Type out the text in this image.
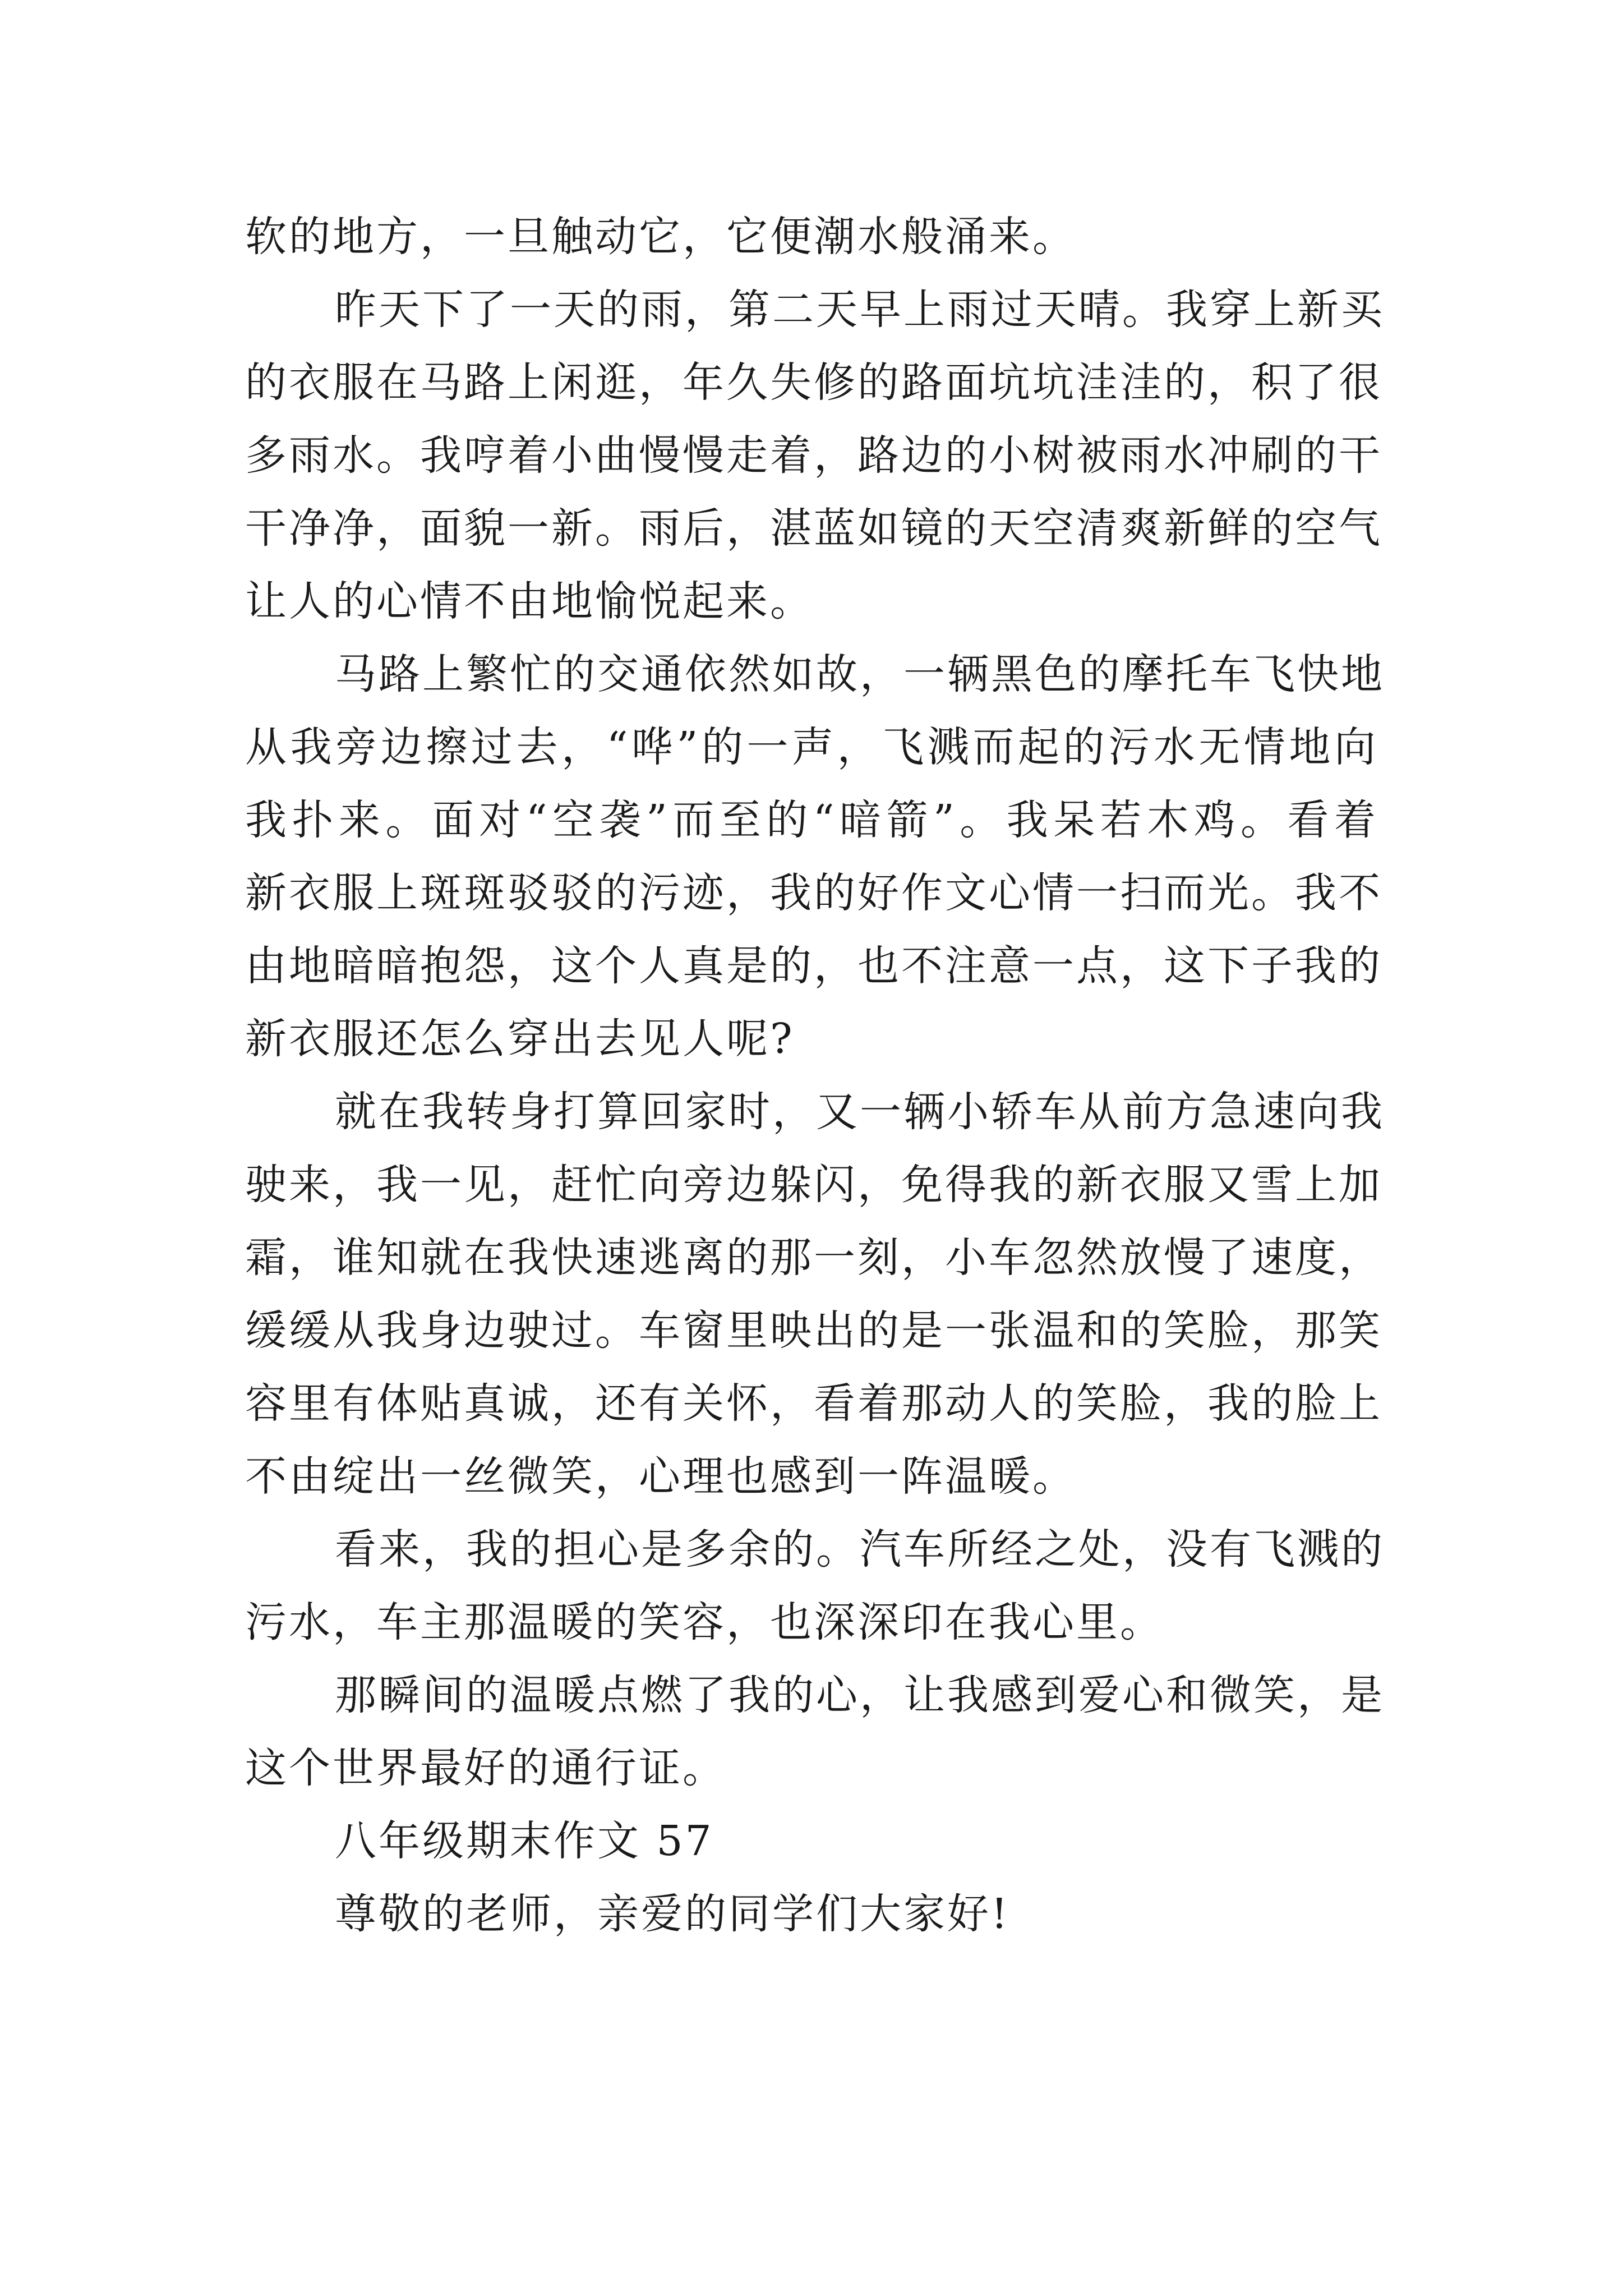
软的地方，一旦触动它，它便潮水般涌来。
昨天下了一天的雨，第二天早上雨过天晴。我穿上新买
的衣服在马路上闲逛，年久失修的路面坑坑洼洼的，积了很
多雨水。我哼着小曲慢慢走着，路边的小树被雨水冲刷的干
干净净，面貌一新。雨后，湛蓝如镜的天空清爽新鲜的空气
让人的心情不由地愉悦起来。
马路上繁忙的交通依然如故，一辆黑色的摩托车飞快地
从我旁边擦过去，“哗”的一声，飞溅而起的污水无情地向
我扑来。面对“空袭”而至的“暗箭”。我呆若木鸡。看着
新衣服上斑斑驳驳的污迹，我的好作文心情一扫而光。我不
由地暗暗抱怨，这个人真是的，也不注意一点，这下子我的
新衣服还怎么穿出去见人呢?
就在我转身打算回家时，又一辆小轿车从前方急速向我
驶来，我一见，赶忙向旁边躲闪，免得我的新衣服又雪上加
霜，谁知就在我快速逃离的那一刻，小车忽然放慢了速度，
缓缓从我身边驶过。车窗里映出的是一张温和的笑脸，那笑
容里有体贴真诚，还有关怀，看着那动人的笑脸，我的脸上
不由绽出一丝微笑，心理也感到一阵温暖。
看来，我的担心是多余的。汽车所经之处，没有飞溅的
污水，车主那温暖的笑容，也深深印在我心里。
那瞬间的温暖点燃了我的心，让我感到爱心和微笑，是
这个世界最好的通行证。
八年级期末作文 57
尊敬的老师，亲爱的同学们大家好!
